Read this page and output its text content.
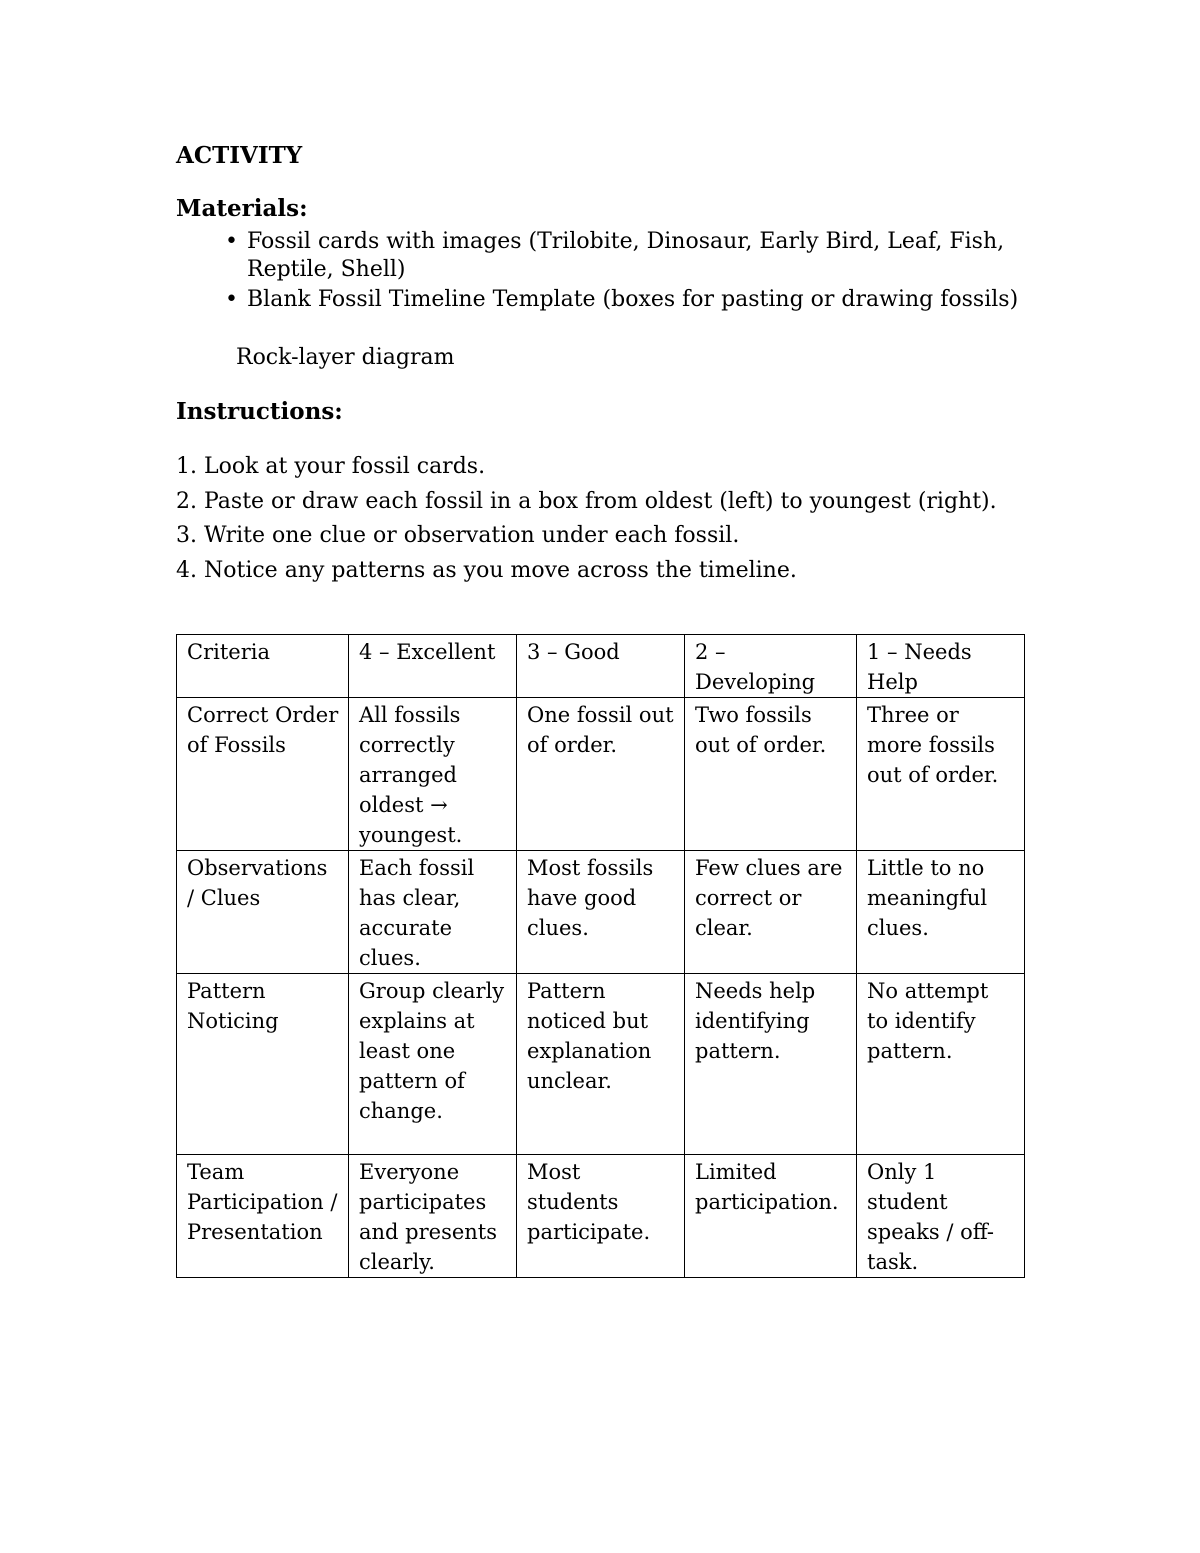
ACTIVITY
Materials:
• Fossil cards with images (Trilobite, Dinosaur, Early Bird, Leaf, Fish, Reptile, Shell)
• Blank Fossil Timeline Template (boxes for pasting or drawing fossils)
Rock-layer diagram
Instructions:
1. Look at your fossil cards.
2. Paste or draw each fossil in a box from oldest (left) to youngest (right).
3. Write one clue or observation under each fossil.
4. Notice any patterns as you move across the timeline.
Criteria	4 – Excellent	3 – Good	2 – Developing	1 – Needs Help
Correct Order of Fossils	All fossils correctly arranged oldest → youngest.	One fossil out of order.	Two fossils out of order.	Three or more fossils out of order.
Observations / Clues	Each fossil has clear, accurate clues.	Most fossils have good clues.	Few clues are correct or clear.	Little to no meaningful clues.
Pattern Noticing	Group clearly explains at least one pattern of change.	Pattern noticed but explanation unclear.	Needs help identifying pattern.	No attempt to identify pattern.
Team Participation / Presentation	Everyone participates and presents clearly.	Most students participate.	Limited participation.	Only 1 student speaks / off-task.
